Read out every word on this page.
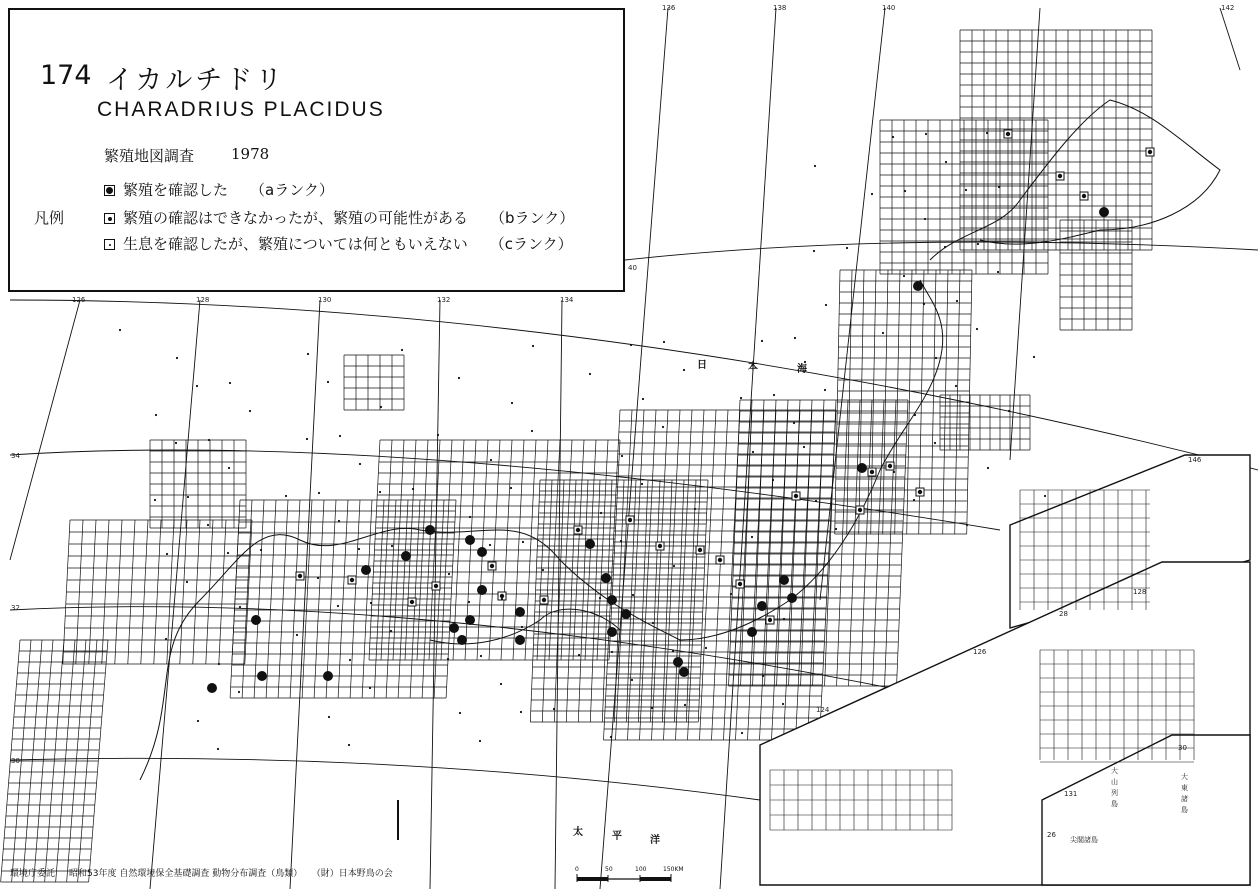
126	128	130	132	134
136	138	140	142
34
32
30
40
146
124
126
128
26
28
30
131
大東諸島
大山列島
尖閣諸島
日	本	海
太	平	洋
174 イカルチドリ
CHARADRIUS PLACIDUS
繁殖地図調査 1978
凡例
繁殖を確認した （aランク）
繁殖の確認はできなかったが、繁殖の可能性がある （bランク）
生息を確認したが、繁殖については何ともいえない （cランク）
環境庁委託 昭和53年度 自然環境保全基礎調査 動物分布調査（鳥類） （財）日本野鳥の会	0	50	100	150KM
